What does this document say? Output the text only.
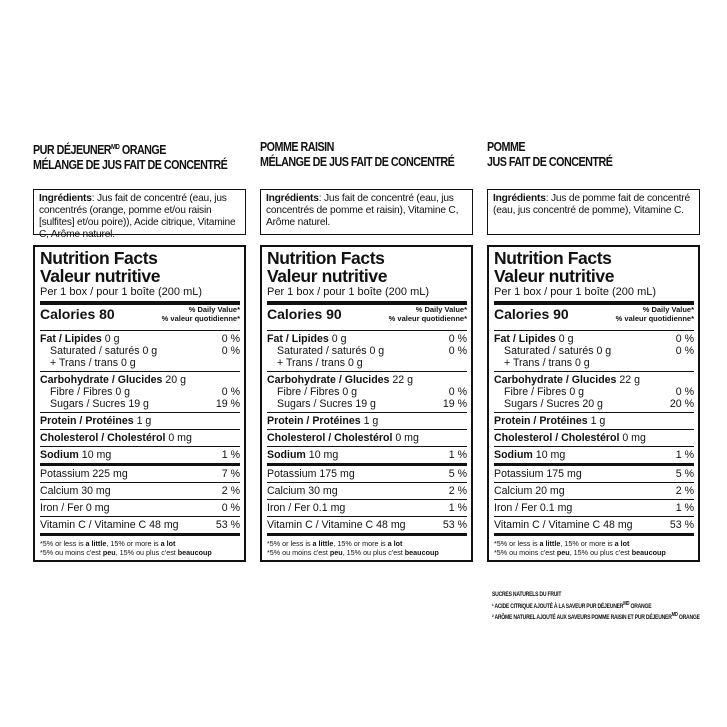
PUR $DÉJEUNER^{MD}$ ORANGE
MÉLANGE DE JUS FAIT DE CONCENTRÉ
Ingrédients: Jus fait de concentré (eau, jus concentrés (orange, pomme et/ou raisin [sulfites] et/ou poire)), Acide citrique, Vitamine C, Arôme naturel.
Nutrition Facts
Valeur nutritive
Per 1 box / pour 1 boîte (200 mL)
Calories 80	% Daily Value*
% valeur quotidienne*
Fat / Lipides 0 g	0 %
Saturated / saturés 0 g	0 %
+ Trans / trans 0 g
Carbohydrate / Glucides 20 g
Fibre / Fibres 0 g	0 %
Sugars / Sucres 19 g	19 %
Protein / Protéines 1 g
Cholesterol / Cholestérol 0 mg
Sodium 10 mg	1 %
Potassium 225 mg	7 %
Calcium 30 mg	2 %
Iron / Fer 0 mg	0 %
Vitamin C / Vitamine C 48 mg	53 %
*5% or less is a little, 15% or more is a lot
*5% ou moins c'est peu, 15% ou plus c'est beaucoup
POMME RAISIN
MÉLANGE DE JUS FAIT DE CONCENTRÉ
Ingrédients: Jus fait de concentré (eau, jus concentrés de pomme et raisin), Vitamine C, Arôme naturel.
Nutrition Facts
Valeur nutritive
Per 1 box / pour 1 boîte (200 mL)
Calories 90	% Daily Value*
% valeur quotidienne*
Fat / Lipides 0 g	0 %
Saturated / saturés 0 g	0 %
+ Trans / trans 0 g
Carbohydrate / Glucides 22 g
Fibre / Fibres 0 g	0 %
Sugars / Sucres 19 g	19 %
Protein / Protéines 1 g
Cholesterol / Cholestérol 0 mg
Sodium 10 mg	1 %
Potassium 175 mg	5 %
Calcium 30 mg	2 %
Iron / Fer 0.1 mg	1 %
Vitamin C / Vitamine C 48 mg	53 %
*5% or less is a little, 15% or more is a lot
*5% ou moins c'est peu, 15% ou plus c'est beaucoup
POMME
JUS FAIT DE CONCENTRÉ
Ingrédients: Jus de pomme fait de concentré (eau, jus concentré de pomme), Vitamine C.
Nutrition Facts
Valeur nutritive
Per 1 box / pour 1 boîte (200 mL)
Calories 90	% Daily Value*
% valeur quotidienne*
Fat / Lipides 0 g	0 %
Saturated / saturés 0 g	0 %
+ Trans / trans 0 g
Carbohydrate / Glucides 22 g
Fibre / Fibres 0 g	0 %
Sugars / Sucres 20 g	20 %
Protein / Protéines 1 g
Cholesterol / Cholestérol 0 mg
Sodium 10 mg	1 %
Potassium 175 mg	5 %
Calcium 20 mg	2 %
Iron / Fer 0.1 mg	1 %
Vitamin C / Vitamine C 48 mg	53 %
*5% or less is a little, 15% or more is a lot
*5% ou moins c'est peu, 15% ou plus c'est beaucoup
SUCRES NATURELS DU FRUIT
¹ ACIDE CITRIQUE AJOUTÉ À LA SAVEUR PUR $DÉJEUNER^{MD}$ ORANGE
² ARÔME NATUREL AJOUTÉ AUX SAVEURS POMME RAISIN ET PUR $DÉJEUNER^{MD}$ ORANGE
